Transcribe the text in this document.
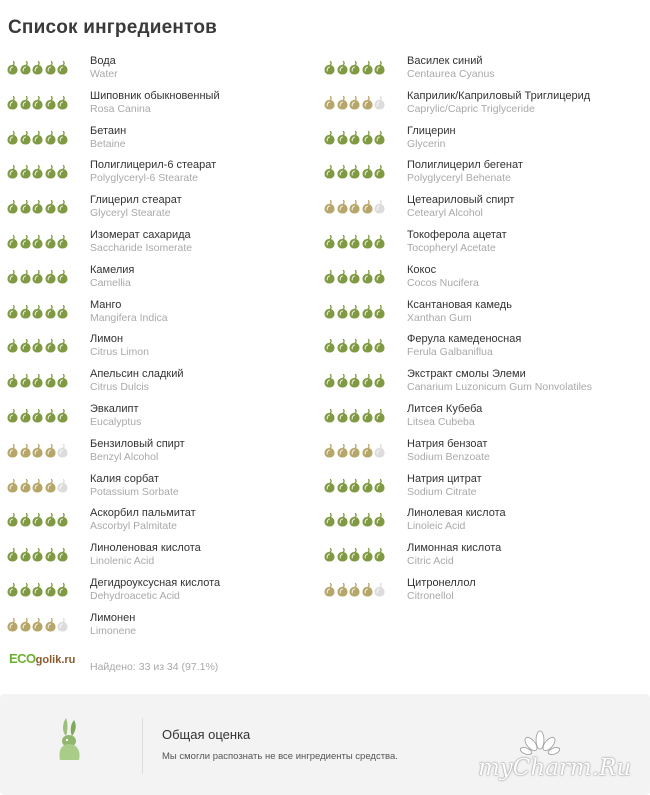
Список ингредиентов
Вода
Water
Шиповник обыкновенный
Rosa Canina
Бетаин
Betaine
Полиглицерил-6 стеарат
Polyglyceryl-6 Stearate
Глицерил стеарат
Glyceryl Stearate
Изомерат сахарида
Saccharide Isomerate
Камелия
Camellia
Манго
Mangifera Indica
Лимон
Citrus Limon
Апельсин сладкий
Citrus Dulcis
Эвкалипт
Eucalyptus
Бензиловый спирт
Benzyl Alcohol
Калия сорбат
Potassium Sorbate
Аскорбил пальмитат
Ascorbyl Palmitate
Линоленовая кислота
Linolenic Acid
Дегидроуксусная кислота
Dehydroacetic Acid
Лимонен
Limonene
Василек синий
Centaurea Cyanus
Каприлик/Каприловый Триглицерид
Caprylic/Capric Triglyceride
Глицерин
Glycerin
Полиглицерил бегенат
Polyglyceryl Behenate
Цетеариловый спирт
Cetearyl Alcohol
Токоферола ацетат
Tocopheryl Acetate
Кокос
Cocos Nucifera
Ксантановая камедь
Xanthan Gum
Ферула камеденосная
Ferula Galbaniflua
Экстракт смолы Элеми
Canarium Luzonicum Gum Nonvolatiles
Литсея Кубеба
Litsea Cubeba
Натрия бензоат
Sodium Benzoate
Натрия цитрат
Sodium Citrate
Линолевая кислота
Linoleic Acid
Лимонная кислота
Citric Acid
Цитронеллол
Citronellol
ECO golik.ru
Найдено: 33 из 34 (97.1%)
Общая оценка
Мы смогли распознать не все ингредиенты средства.	myCharm.Ru
